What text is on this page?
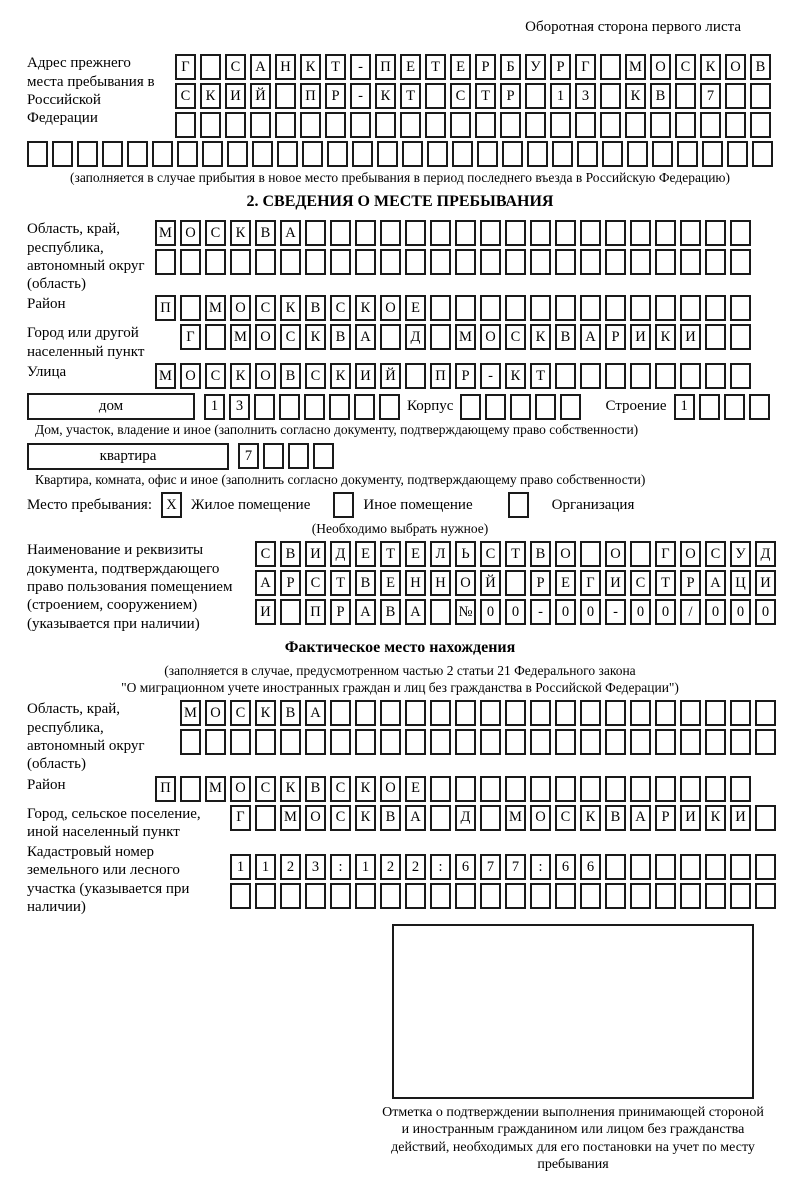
Оборотная сторона первого листа
Адрес прежнего места пребывания в Российской Федерации
Г	С	А	Н	К	Т	-	П	Е	Т	Е	Р	Б	У	Р	Г	М О	С	К	О	В
С	К	И	Й	П	Р	-	К	Т	С	Т	Р	1	3	К	В	7
(заполняется в случае прибытия в новое место пребывания в период последнего въезда в Российскую Федерацию)
2. СВЕДЕНИЯ О МЕСТЕ ПРЕБЫВАНИЯ
Область, край, республика, автономный округ (область)
М О	С	К	В	А
Район	П	М О	С	К	В	С	К	О	Е
Город или другой населенный пункт
Г	М О	С	К	В	А	Д	М О	С	К	В	А	Р	И	К	И
Улица	М О	С	К	О	В	С	К	И	Й	П	Р	-	К	Т
дом	1	3	Корпус	Строение 1
Дом, участок, владение и иное (заполнить согласно документу, подтверждающему право собственности)
квартира	7
Квартира, комната, офис и иное (заполнить согласно документу, подтверждающему право собственности)
Место пребывания: X Жилое помещение	Иное помещение	Организация
(Необходимо выбрать нужное)
Наименование и реквизиты документа, подтверждающего право пользования помещением (строением, сооружением) (указывается при наличии)
С	В	И	Д	Е	Т	Е	Л	Ь	С	Т	В	О	О	Г	О	С	У	Д
А	Р	С	Т	В	Е	Н	Н	О	Й	Р	Е	Г	И	С	Т	Р	А	Ц	И
И	П	Р	А	В	А	№ 0	0	-	0	0	-	0	0	/	0	0	0
Фактическое место нахождения
(заполняется в случае, предусмотренном частью 2 статьи 21 Федерального закона
"О миграционном учете иностранных граждан и лиц без гражданства в Российской Федерации")
Область, край, республика, автономный округ (область)
М О	С	К	В	А
Район	П	М О	С	К	В	С	К	О	Е
Город, сельское поселение, иной населенный пункт
Г	М О	С	К	В	А	Д	М О	С	К	В	А	Р	И	К	И
Кадастровый номер земельного или лесного участка (указывается при наличии)
1	1	2	3	:	1	2	2	:	6	7	7	:	6	6
Отметка о подтверждении выполнения принимающей стороной и иностранным гражданином или лицом без гражданства действий, необходимых для его постановки на учет по месту пребывания
